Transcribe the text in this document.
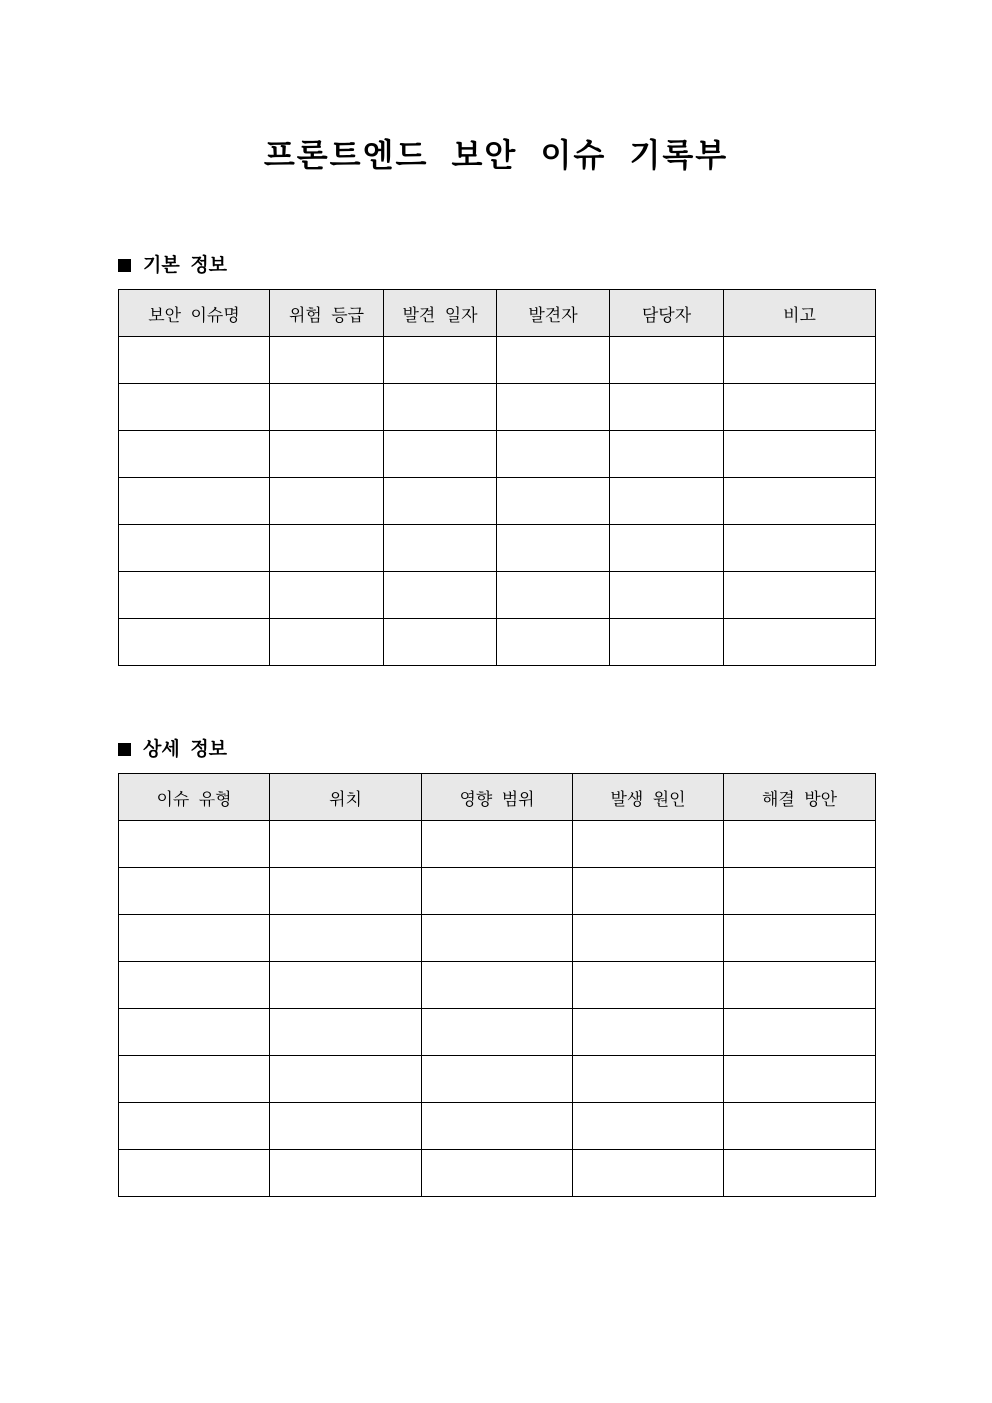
프론트엔드 보안 이슈 기록부
기본 정보
보안 이슈명	위험 등급	발견 일자	발견자	담당자	비고

상세 정보
이슈 유형	위치	영향 범위	발생 원인	해결 방안
